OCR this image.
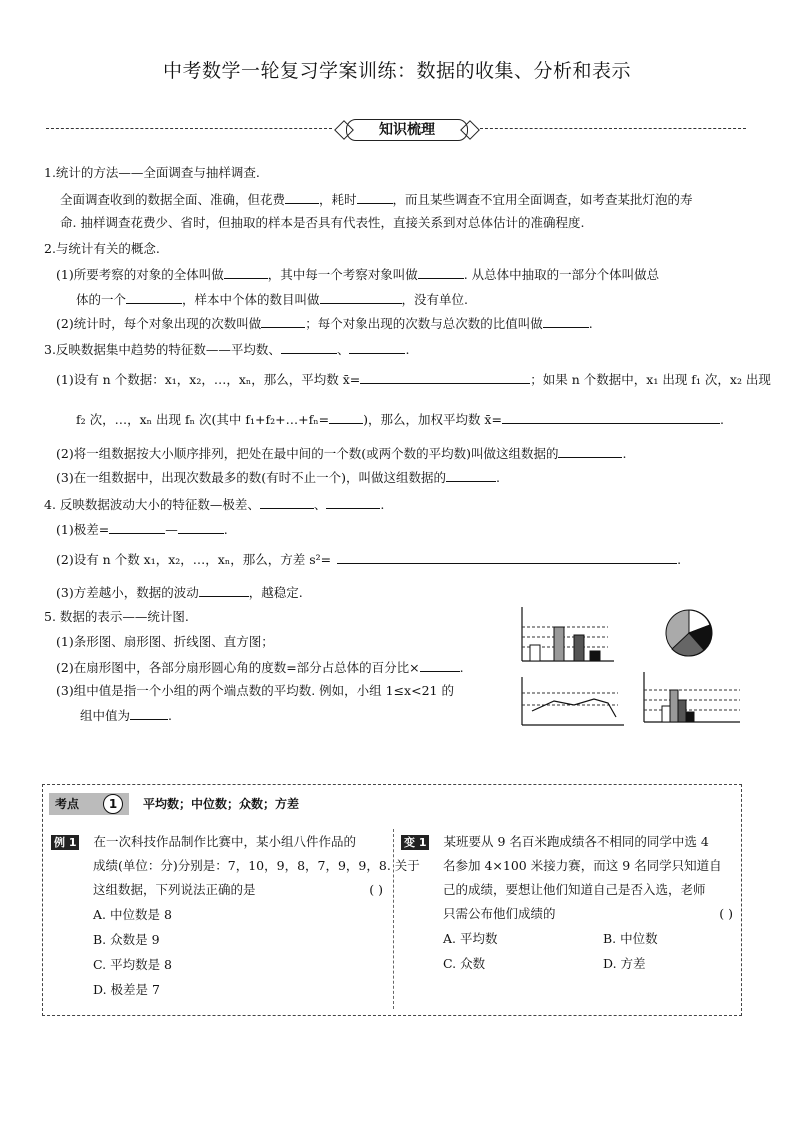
中考数学一轮复习学案训练：数据的收集、分析和表示
知识梳理
1.统计的方法——全面调查与抽样调查.
全面调查收到的数据全面、准确，但花费	，耗时	，而且某些调查不宜用全面调查，如考查某批灯泡的寿
命. 抽样调查花费少、省时，但抽取的样本是否具有代表性，直接关系到对总体估计的准确程度.
2.与统计有关的概念.
(1)所要考察的对象的全体叫做	，其中每一个考察对象叫做	. 从总体中抽取的一部分个体叫做总
体的一个	，样本中个体的数目叫做	，没有单位.
(2)统计时，每个对象出现的次数叫做	；每个对象出现的次数与总次数的比值叫做	.
3.反映数据集中趋势的特征数——平均数、	、	.
(1)设有 n 个数据：x₁，x₂，…，xₙ，那么，平均数 x̄=	；如果 n 个数据中，x₁ 出现 f₁ 次，x₂ 出现
f₂ 次，…，xₙ 出现 fₙ 次(其中 f₁+f₂+…+fₙ=	)，那么，加权平均数 x̄=	.
(2)将一组数据按大小顺序排列，把处在最中间的一个数(或两个数的平均数)叫做这组数据的	.
(3)在一组数据中，出现次数最多的数(有时不止一个)，叫做这组数据的	.
4. 反映数据波动大小的特征数—极差、	、	.
(1)极差=	—	.
(2)设有 n 个数 x₁，x₂，…，xₙ，那么，方差 s²=	.
(3)方差越小，数据的波动	，越稳定.
5. 数据的表示——统计图.
(1)条形图、扇形图、折线图、直方图；
(2)在扇形图中，各部分扇形圆心角的度数=部分占总体的百分比×	.
(3)组中值是指一个小组的两个端点数的平均数. 例如，小组 1≤x<21 的
组中值为	.
考点	1	平均数；中位数；众数；方差
例 1 在一次科技作品制作比赛中，某小组八件作品的
成绩(单位：分)分别是：7，10，9，8，7，9，9，8. 关于
这组数据，下列说法正确的是	( )
A. 中位数是 8
B. 众数是 9
C. 平均数是 8
D. 极差是 7
变 1 某班要从 9 名百米跑成绩各不相同的同学中选 4
名参加 4×100 米接力赛，而这 9 名同学只知道自
己的成绩，要想让他们知道自己是否入选，老师
只需公布他们成绩的	( )
A. 平均数	B. 中位数
C. 众数	D. 方差
